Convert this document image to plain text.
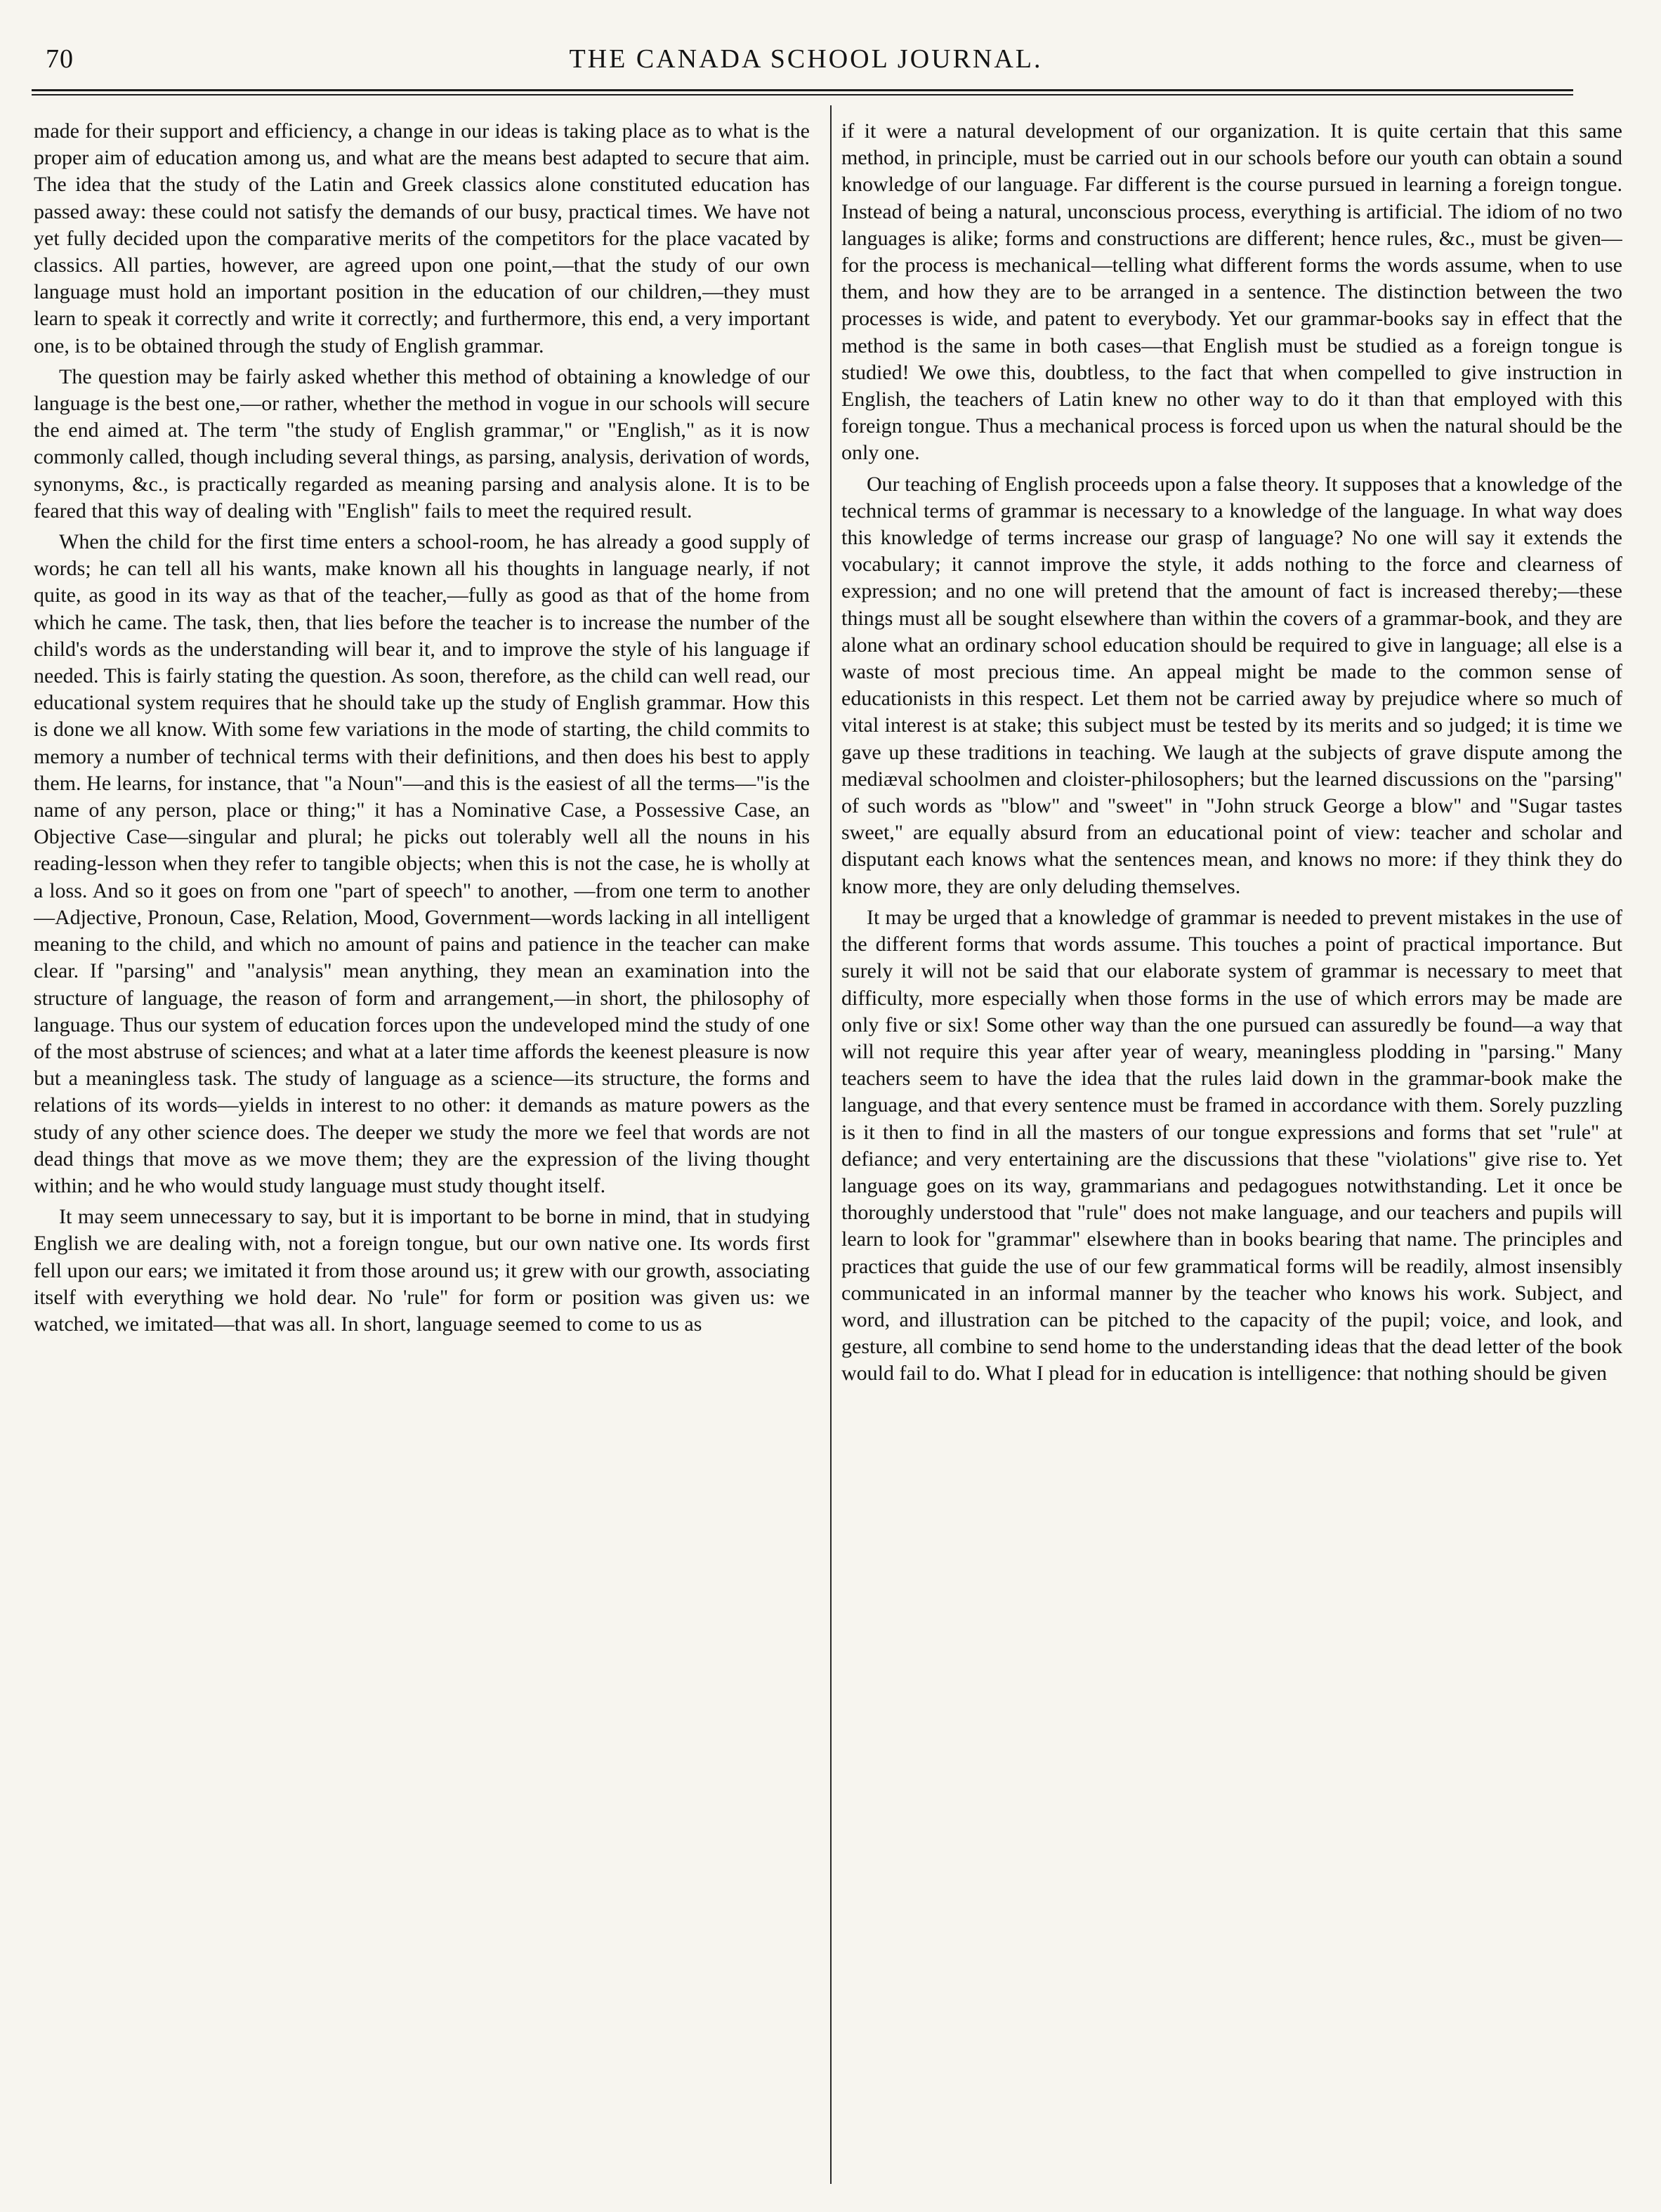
70	THE CANADA SCHOOL JOURNAL.

made for their support and efficiency, a change in our ideas is taking place as to what is the proper aim of education among us, and what are the means best adapted to secure that aim. The idea that the study of the Latin and Greek classics alone constituted education has passed away: these could not satisfy the demands of our busy, practical times. We have not yet fully decided upon the comparative merits of the competitors for the place vacated by classics. All parties, however, are agreed upon one point,—that the study of our own language must hold an important position in the education of our children,—they must learn to speak it correctly and write it correctly; and furthermore, this end, a very important one, is to be obtained through the study of English grammar.

The question may be fairly asked whether this method of obtaining a knowledge of our language is the best one,—or rather, whether the method in vogue in our schools will secure the end aimed at. The term "the study of English grammar," or "English," as it is now commonly called, though including several things, as parsing, analysis, derivation of words, synonyms, &c., is practically regarded as meaning parsing and analysis alone. It is to be feared that this way of dealing with "English" fails to meet the required result.

When the child for the first time enters a school-room, he has already a good supply of words; he can tell all his wants, make known all his thoughts in language nearly, if not quite, as good in its way as that of the teacher,—fully as good as that of the home from which he came. The task, then, that lies before the teacher is to increase the number of the child's words as the understanding will bear it, and to improve the style of his language if needed. This is fairly stating the question. As soon, therefore, as the child can well read, our educational system requires that he should take up the study of English grammar. How this is done we all know. With some few variations in the mode of starting, the child commits to memory a number of technical terms with their definitions, and then does his best to apply them. He learns, for instance, that "a Noun"—and this is the easiest of all the terms—"is the name of any person, place or thing;" it has a Nominative Case, a Possessive Case, an Objective Case—singular and plural; he picks out tolerably well all the nouns in his reading-lesson when they refer to tangible objects; when this is not the case, he is wholly at a loss. And so it goes on from one "part of speech" to another, —from one term to another—Adjective, Pronoun, Case, Relation, Mood, Government—words lacking in all intelligent meaning to the child, and which no amount of pains and patience in the teacher can make clear. If "parsing" and "analysis" mean anything, they mean an examination into the structure of language, the reason of form and arrangement,—in short, the philosophy of language. Thus our system of education forces upon the undeveloped mind the study of one of the most abstruse of sciences; and what at a later time affords the keenest pleasure is now but a meaningless task. The study of language as a science—its structure, the forms and relations of its words—yields in interest to no other: it demands as mature powers as the study of any other science does. The deeper we study the more we feel that words are not dead things that move as we move them; they are the expression of the living thought within; and he who would study language must study thought itself.

It may seem unnecessary to say, but it is important to be borne in mind, that in studying English we are dealing with, not a foreign tongue, but our own native one. Its words first fell upon our ears; we imitated it from those around us; it grew with our growth, associating itself with everything we hold dear. No 'rule" for form or position was given us: we watched, we imitated—that was all. In short, language seemed to come to us as

if it were a natural development of our organization. It is quite certain that this same method, in principle, must be carried out in our schools before our youth can obtain a sound knowledge of our language. Far different is the course pursued in learning a foreign tongue. Instead of being a natural, unconscious process, everything is artificial. The idiom of no two languages is alike; forms and constructions are different; hence rules, &c., must be given—for the process is mechanical—telling what different forms the words assume, when to use them, and how they are to be arranged in a sentence. The distinction between the two processes is wide, and patent to everybody. Yet our grammar-books say in effect that the method is the same in both cases—that English must be studied as a foreign tongue is studied! We owe this, doubtless, to the fact that when compelled to give instruction in English, the teachers of Latin knew no other way to do it than that employed with this foreign tongue. Thus a mechanical process is forced upon us when the natural should be the only one.

Our teaching of English proceeds upon a false theory. It supposes that a knowledge of the technical terms of grammar is necessary to a knowledge of the language. In what way does this knowledge of terms increase our grasp of language? No one will say it extends the vocabulary; it cannot improve the style, it adds nothing to the force and clearness of expression; and no one will pretend that the amount of fact is increased thereby;—these things must all be sought elsewhere than within the covers of a grammar-book, and they are alone what an ordinary school education should be required to give in language; all else is a waste of most precious time. An appeal might be made to the common sense of educationists in this respect. Let them not be carried away by prejudice where so much of vital interest is at stake; this subject must be tested by its merits and so judged; it is time we gave up these traditions in teaching. We laugh at the subjects of grave dispute among the mediæval schoolmen and cloister-philosophers; but the learned discussions on the "parsing" of such words as "blow" and "sweet" in "John struck George a blow" and "Sugar tastes sweet," are equally absurd from an educational point of view: teacher and scholar and disputant each knows what the sentences mean, and knows no more: if they think they do know more, they are only deluding themselves.

It may be urged that a knowledge of grammar is needed to prevent mistakes in the use of the different forms that words assume. This touches a point of practical importance. But surely it will not be said that our elaborate system of grammar is necessary to meet that difficulty, more especially when those forms in the use of which errors may be made are only five or six! Some other way than the one pursued can assuredly be found—a way that will not require this year after year of weary, meaningless plodding in "parsing." Many teachers seem to have the idea that the rules laid down in the grammar-book make the language, and that every sentence must be framed in accordance with them. Sorely puzzling is it then to find in all the masters of our tongue expressions and forms that set "rule" at defiance; and very entertaining are the discussions that these "violations" give rise to. Yet language goes on its way, grammarians and pedagogues notwithstanding. Let it once be thoroughly understood that "rule" does not make language, and our teachers and pupils will learn to look for "grammar" elsewhere than in books bearing that name. The principles and practices that guide the use of our few grammatical forms will be readily, almost insensibly communicated in an informal manner by the teacher who knows his work. Subject, and word, and illustration can be pitched to the capacity of the pupil; voice, and look, and gesture, all combine to send home to the understanding ideas that the dead letter of the book would fail to do. What I plead for in education is intelligence: that nothing should be given
